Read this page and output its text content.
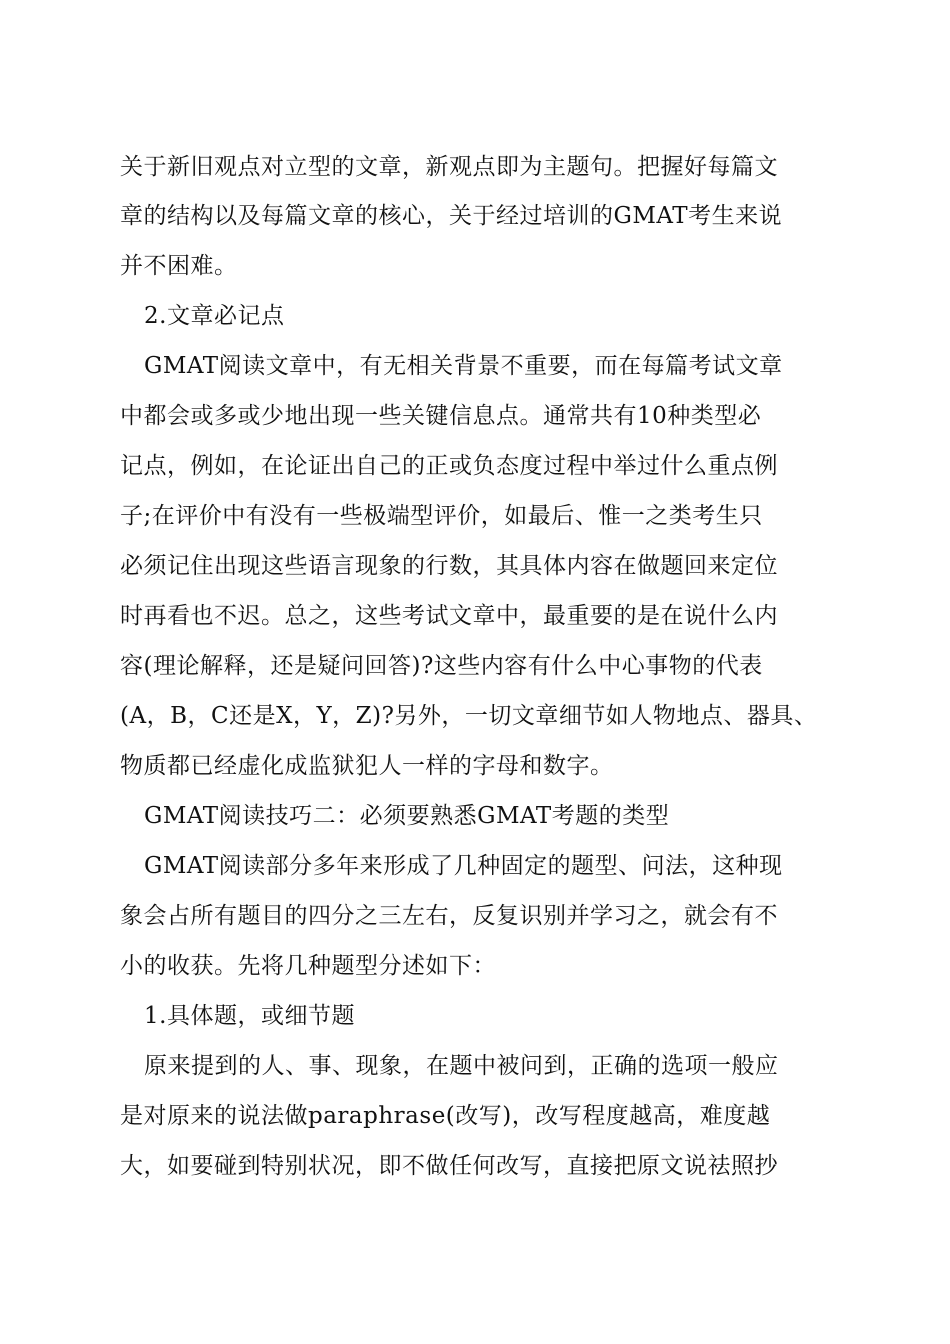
关于新旧观点对立型的文章，新观点即为主题句。把握好每篇文
章的结构以及每篇文章的核心，关于经过培训的GMAT考生来说
并不困难。
2.文章必记点
GMAT阅读文章中，有无相关背景不重要，而在每篇考试文章
中都会或多或少地出现一些关键信息点。通常共有10种类型必
记点，例如，在论证出自己的正或负态度过程中举过什么重点例
子;在评价中有没有一些极端型评价，如最后、惟一之类考生只
必须记住出现这些语言现象的行数，其具体内容在做题回来定位
时再看也不迟。总之，这些考试文章中，最重要的是在说什么内
容(理论解释，还是疑问回答)?这些内容有什么中心事物的代表
(A，B，C还是X，Y，Z)?另外，一切文章细节如人物地点、器具、
物质都已经虚化成监狱犯人一样的字母和数字。
GMAT阅读技巧二：必须要熟悉GMAT考题的类型
GMAT阅读部分多年来形成了几种固定的题型、问法，这种现
象会占所有题目的四分之三左右，反复识别并学习之，就会有不
小的收获。先将几种题型分述如下：
1.具体题，或细节题
原来提到的人、事、现象，在题中被问到，正确的选项一般应
是对原来的说法做paraphrase(改写)，改写程度越高，难度越
大，如要碰到特别状况，即不做任何改写，直接把原文说祛照抄
